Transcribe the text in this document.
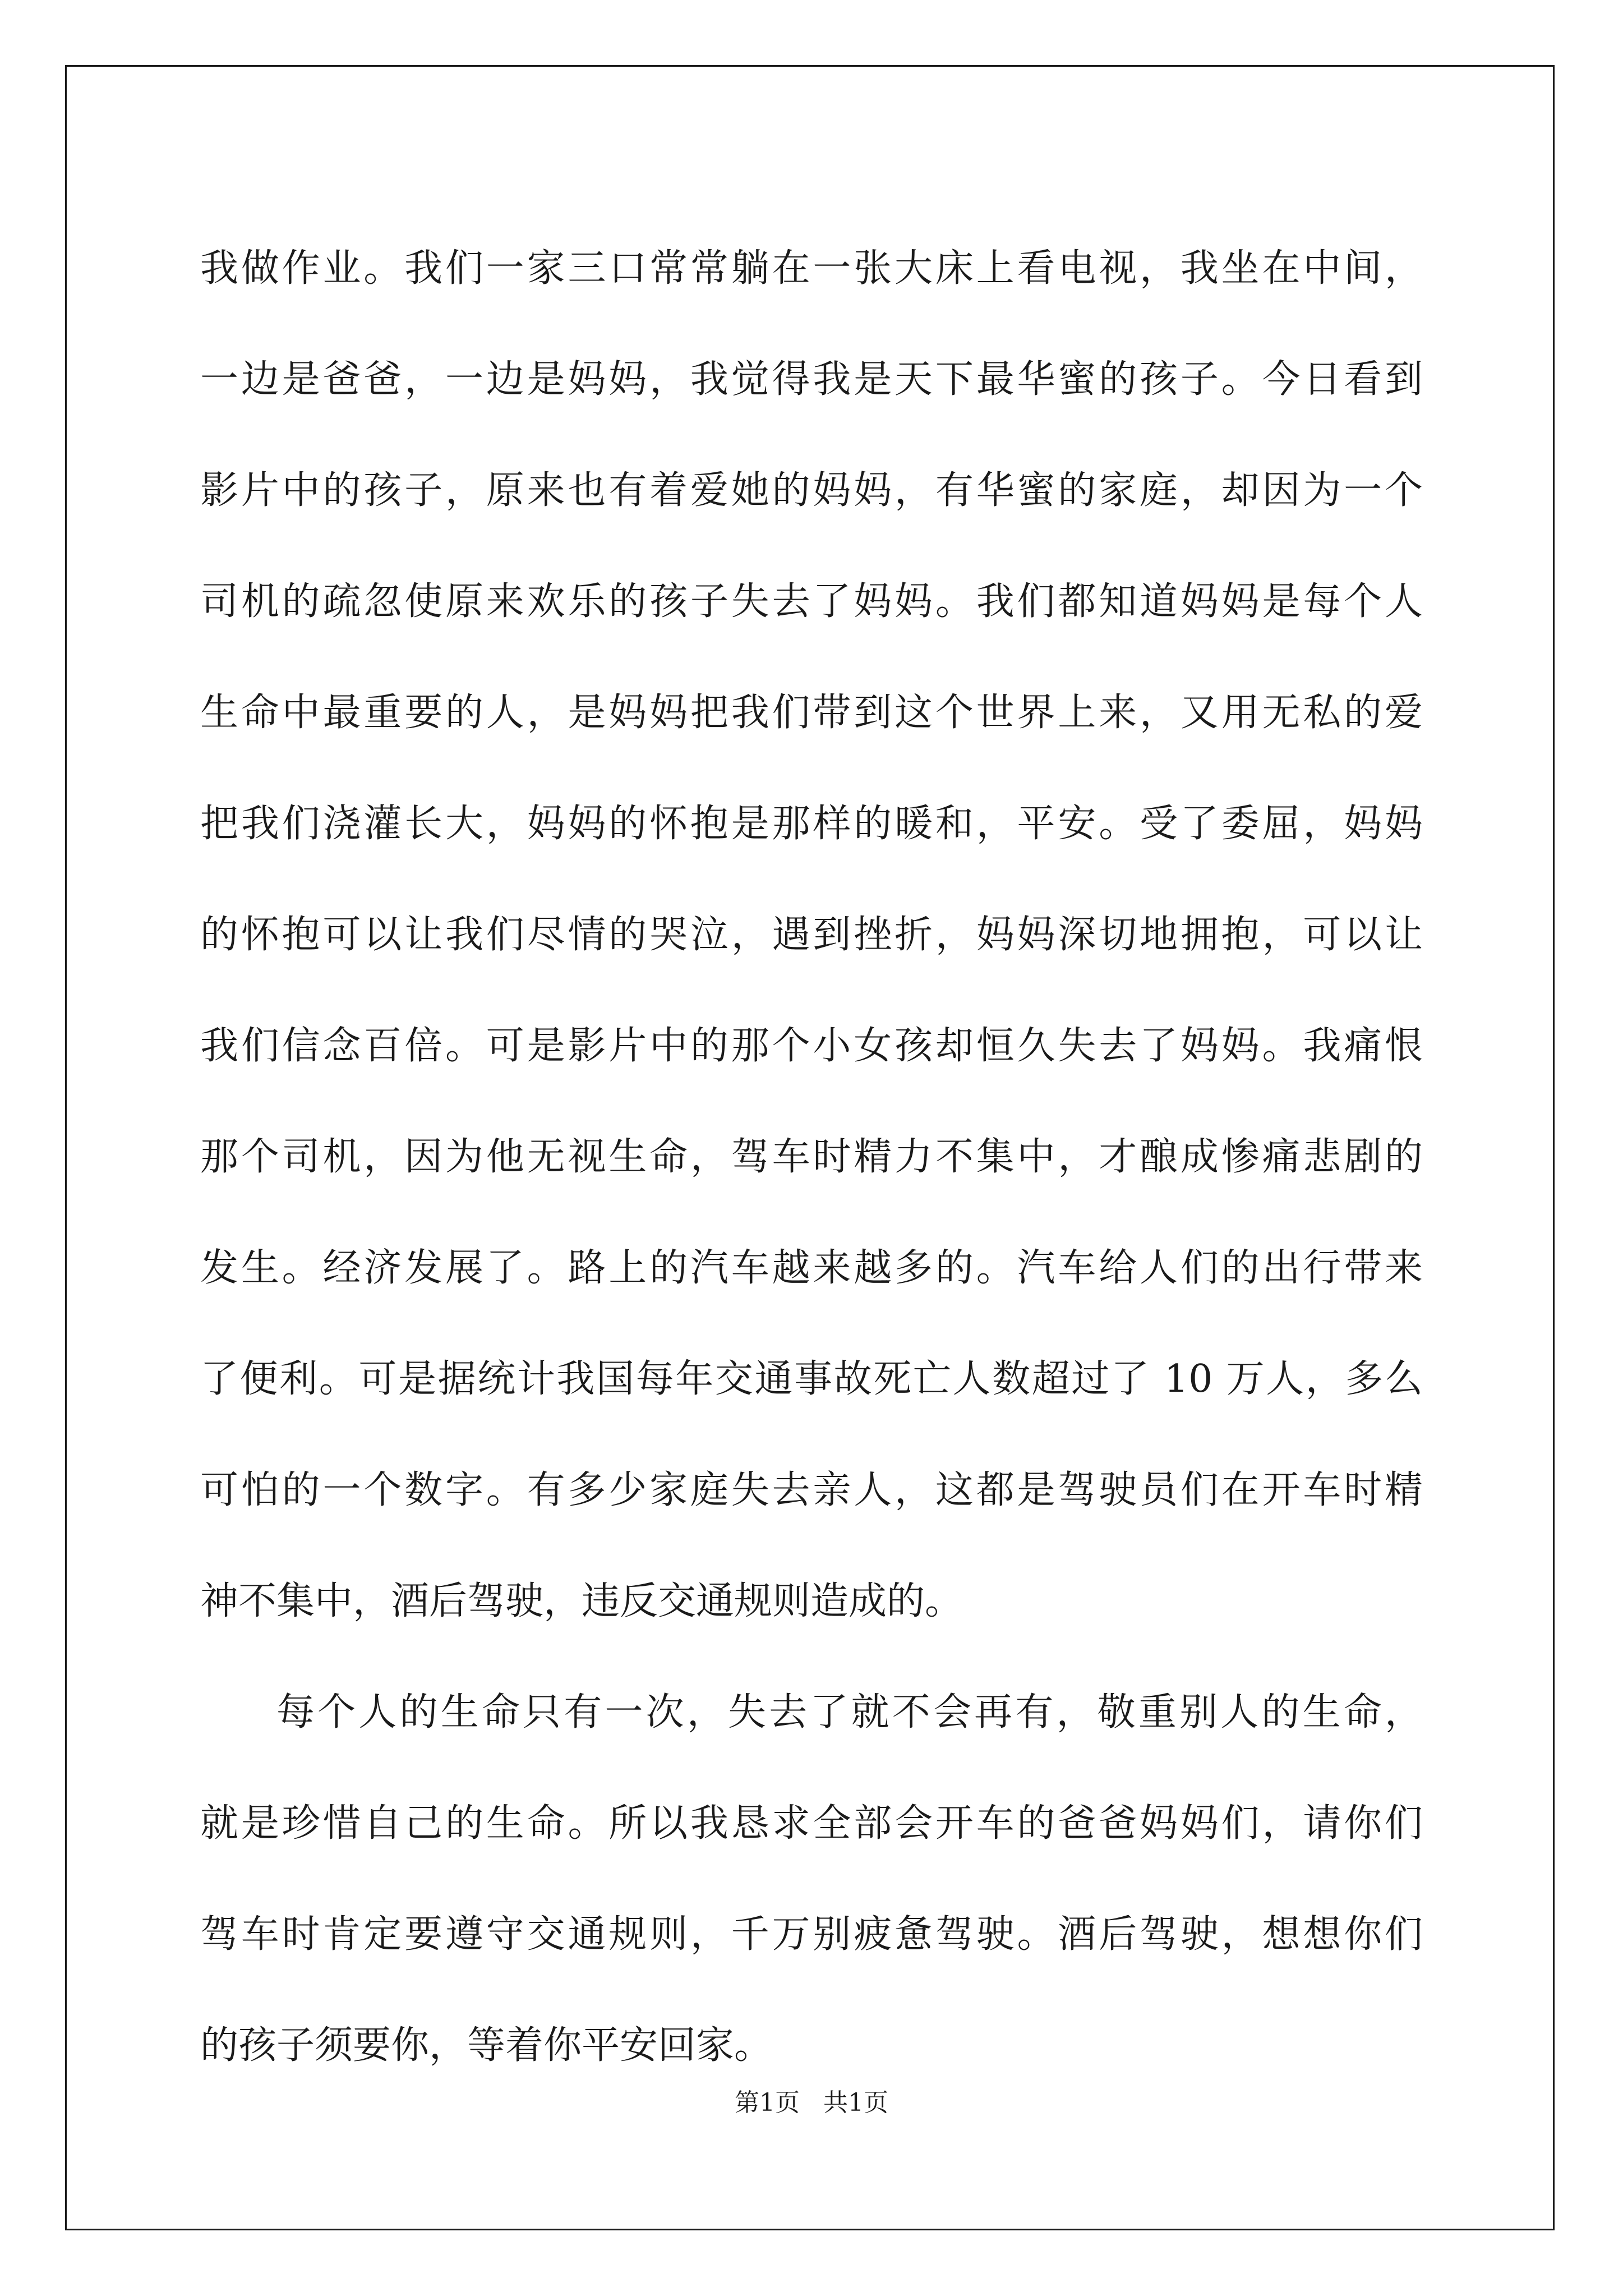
我做作业。我们一家三口常常躺在一张大床上看电视，我坐在中间，
一边是爸爸，一边是妈妈，我觉得我是天下最华蜜的孩子。今日看到
影片中的孩子，原来也有着爱她的妈妈，有华蜜的家庭，却因为一个
司机的疏忽使原来欢乐的孩子失去了妈妈。我们都知道妈妈是每个人
生命中最重要的人，是妈妈把我们带到这个世界上来，又用无私的爱
把我们浇灌长大，妈妈的怀抱是那样的暖和，平安。受了委屈，妈妈
的怀抱可以让我们尽情的哭泣，遇到挫折，妈妈深切地拥抱，可以让
我们信念百倍。可是影片中的那个小女孩却恒久失去了妈妈。我痛恨
那个司机，因为他无视生命，驾车时精力不集中，才酿成惨痛悲剧的
发生。经济发展了。路上的汽车越来越多的。汽车给人们的出行带来
了便利。可是据统计我国每年交通事故死亡人数超过了 10 万人，多么
可怕的一个数字。有多少家庭失去亲人，这都是驾驶员们在开车时精
神不集中，酒后驾驶，违反交通规则造成的。
每个人的生命只有一次，失去了就不会再有，敬重别人的生命，
就是珍惜自己的生命。所以我恳求全部会开车的爸爸妈妈们，请你们
驾车时肯定要遵守交通规则，千万别疲惫驾驶。酒后驾驶，想想你们
的孩子须要你，等着你平安回家。
第1页 共1页
